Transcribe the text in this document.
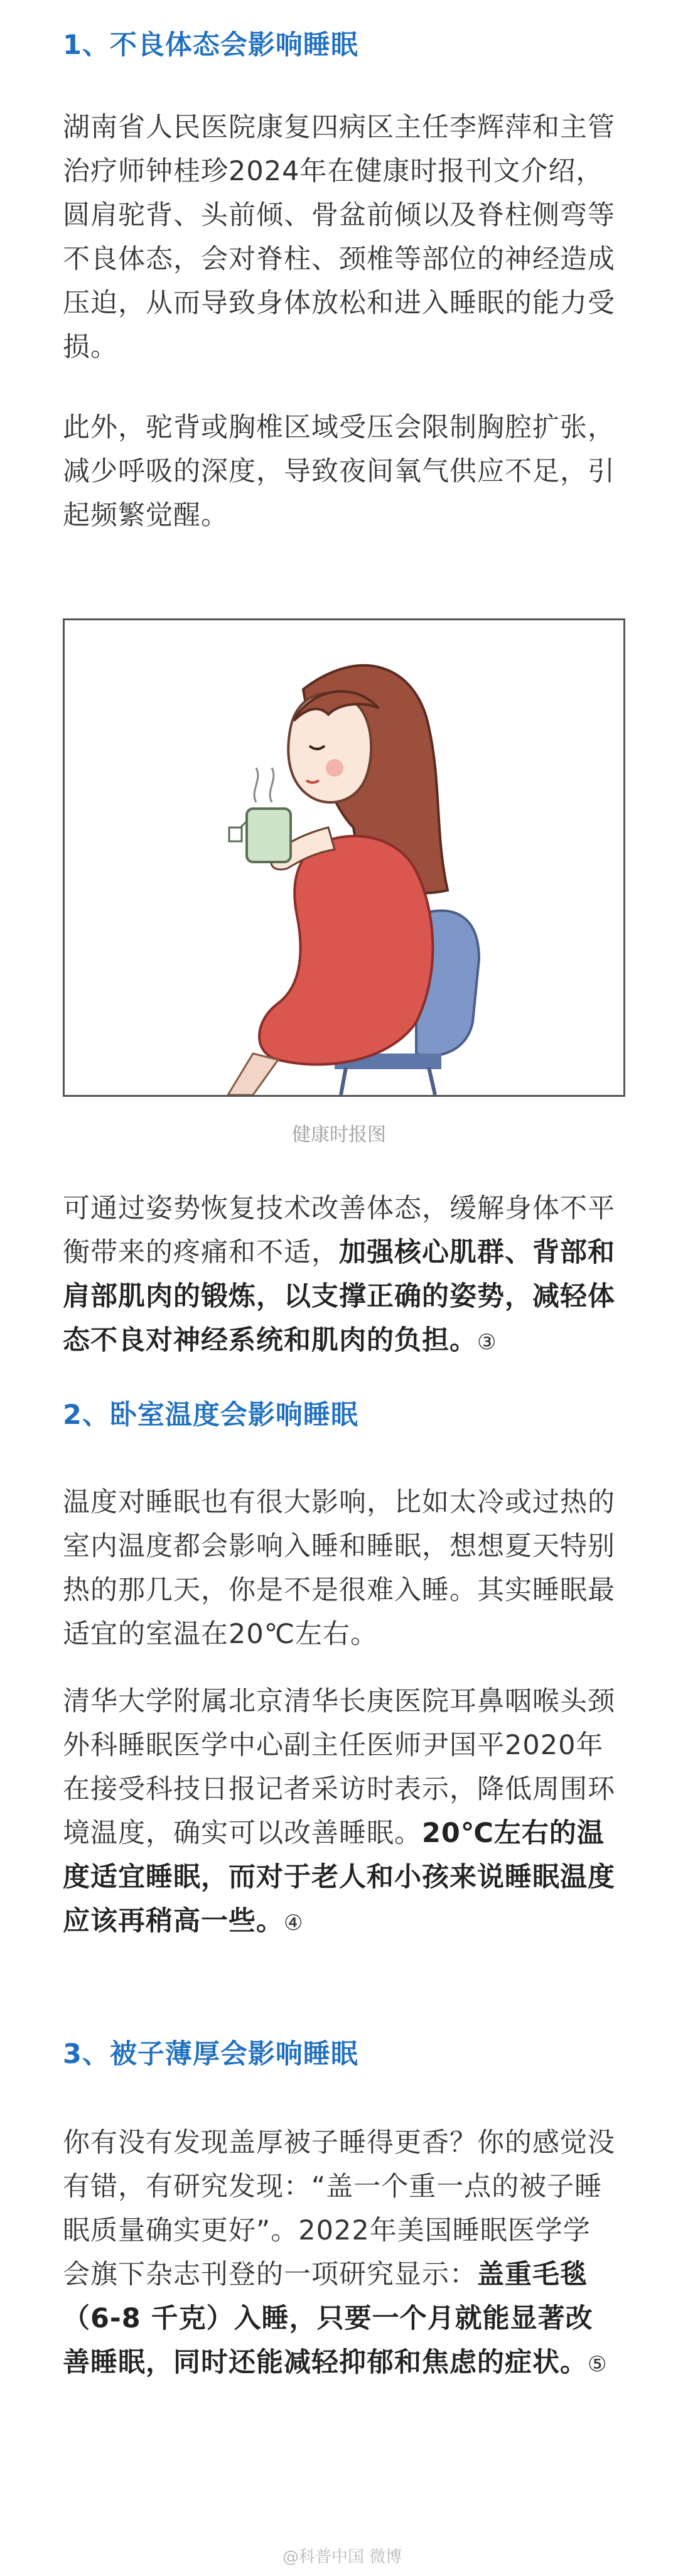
1、不良体态会影响睡眠
湖南省人民医院康复四病区主任李辉萍和主管治疗师钟桂珍2024年在健康时报刊文介绍，圆肩驼背、头前倾、骨盆前倾以及脊柱侧弯等不良体态，会对脊柱、颈椎等部位的神经造成压迫，从而导致身体放松和进入睡眠的能力受损。
此外，驼背或胸椎区域受压会限制胸腔扩张，减少呼吸的深度，导致夜间氧气供应不足，引起频繁觉醒。
健康时报图
可通过姿势恢复技术改善体态，缓解身体不平衡带来的疼痛和不适，加强核心肌群、背部和肩部肌肉的锻炼，以支撑正确的姿势，减轻体态不良对神经系统和肌肉的负担。③
2、卧室温度会影响睡眠
温度对睡眠也有很大影响，比如太冷或过热的室内温度都会影响入睡和睡眠，想想夏天特别热的那几天，你是不是很难入睡。其实睡眠最适宜的室温在20℃左右。
清华大学附属北京清华长庚医院耳鼻咽喉头颈外科睡眠医学中心副主任医师尹国平2020年在接受科技日报记者采访时表示，降低周围环境温度，确实可以改善睡眠。20℃左右的温度适宜睡眠，而对于老人和小孩来说睡眠温度应该再稍高一些。④
3、被子薄厚会影响睡眠
你有没有发现盖厚被子睡得更香？你的感觉没有错，有研究发现：“盖一个重一点的被子睡眠质量确实更好”。2022年美国睡眠医学学会旗下杂志刊登的一项研究显示：盖重毛毯（6-8 千克）入睡，只要一个月就能显著改善睡眠，同时还能减轻抑郁和焦虑的症状。⑤
@科普中国 微博
